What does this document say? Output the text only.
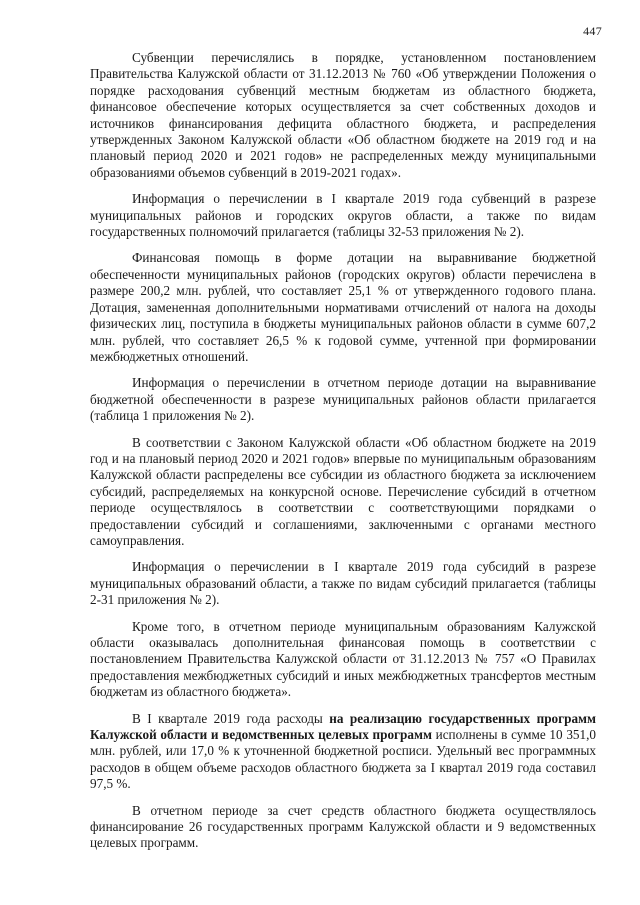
447

Субвенции перечислялись в порядке, установленном постановлением Правительства Калужской области от 31.12.2013 № 760 «Об утверждении Положения о порядке расходования субвенций местным бюджетам из областного бюджета, финансовое обеспечение которых осуществляется за счет собственных доходов и источников финансирования дефицита областного бюджета, и распределения утвержденных Законом Калужской области «Об областном бюджете на 2019 год и на плановый период 2020 и 2021 годов» не распределенных между муниципальными образованиями объемов субвенций в 2019-2021 годах».

Информация о перечислении в I квартале 2019 года субвенций в разрезе муниципальных районов и городских округов области, а также по видам государственных полномочий прилагается (таблицы 32-53 приложения № 2).

Финансовая помощь в форме дотации на выравнивание бюджетной обеспеченности муниципальных районов (городских округов) области перечислена в размере 200,2 млн. рублей, что составляет 25,1 % от утвержденного годового плана. Дотация, замененная дополнительными нормативами отчислений от налога на доходы физических лиц, поступила в бюджеты муниципальных районов области в сумме 607,2 млн. рублей, что составляет 26,5 % к годовой сумме, учтенной при формировании межбюджетных отношений.

Информация о перечислении в отчетном периоде дотации на выравнивание бюджетной обеспеченности в разрезе муниципальных районов области прилагается (таблица 1 приложения № 2).

В соответствии с Законом Калужской области «Об областном бюджете на 2019 год и на плановый период 2020 и 2021 годов» впервые по муниципальным образованиям Калужской области распределены все субсидии из областного бюджета за исключением субсидий, распределяемых на конкурсной основе. Перечисление субсидий в отчетном периоде осуществлялось в соответствии с соответствующими порядками о предоставлении субсидий и соглашениями, заключенными с органами местного самоуправления.

Информация о перечислении в I квартале 2019 года субсидий в разрезе муниципальных образований области, а также по видам субсидий прилагается (таблицы 2-31 приложения № 2).

Кроме того, в отчетном периоде муниципальным образованиям Калужской области оказывалась дополнительная финансовая помощь в соответствии с постановлением Правительства Калужской области от 31.12.2013 № 757 «О Правилах предоставления межбюджетных субсидий и иных межбюджетных трансфертов местным бюджетам из областного бюджета».

В I квартале 2019 года расходы на реализацию государственных программ Калужской области и ведомственных целевых программ исполнены в сумме 10 351,0 млн. рублей, или 17,0 % к уточненной бюджетной росписи. Удельный вес программных расходов в общем объеме расходов областного бюджета за I квартал 2019 года составил 97,5 %.

В отчетном периоде за счет средств областного бюджета осуществлялось финансирование 26 государственных программ Калужской области и 9 ведомственных целевых программ.
